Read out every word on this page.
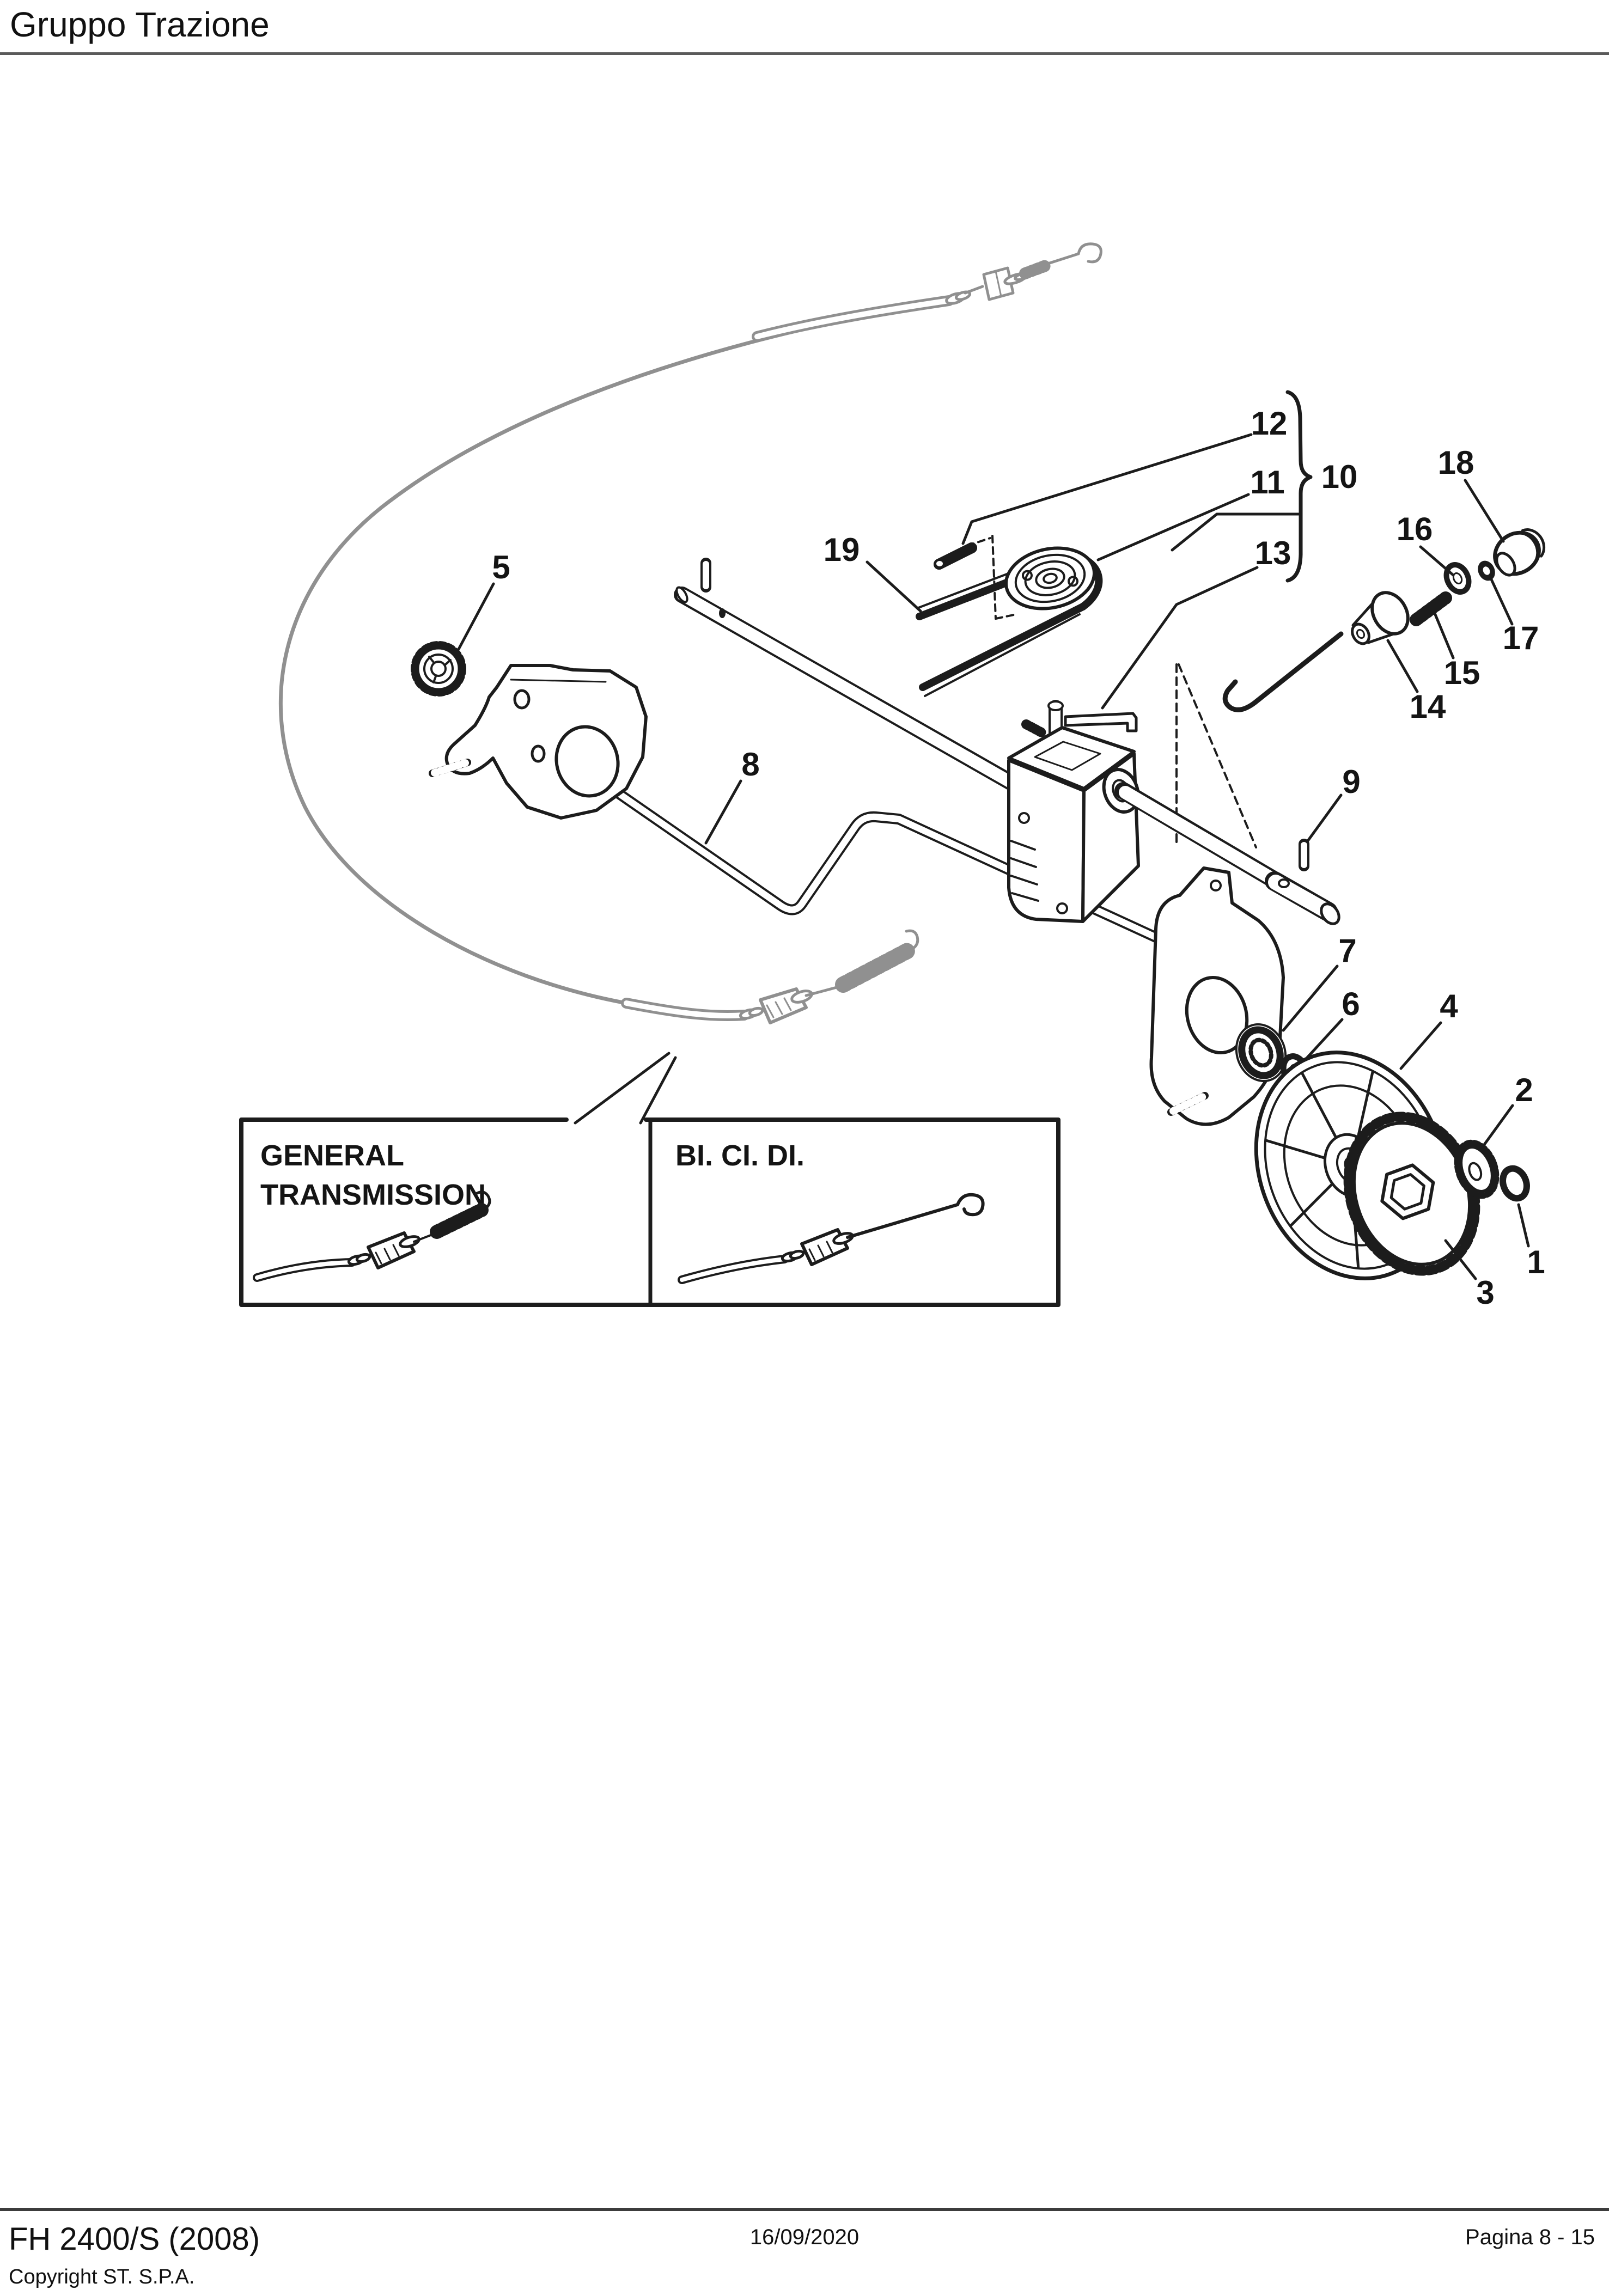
Gruppo Trazione
GENERAL
TRANSMISSION
BI. CI. DI.
1
2
3
4
5
6
7
8	9
10
11
12
13
14
15
16
17
18
19
FH 2400/S (2008)
Copyright ST. S.P.A.
16/09/2020	Pagina 8 - 15
